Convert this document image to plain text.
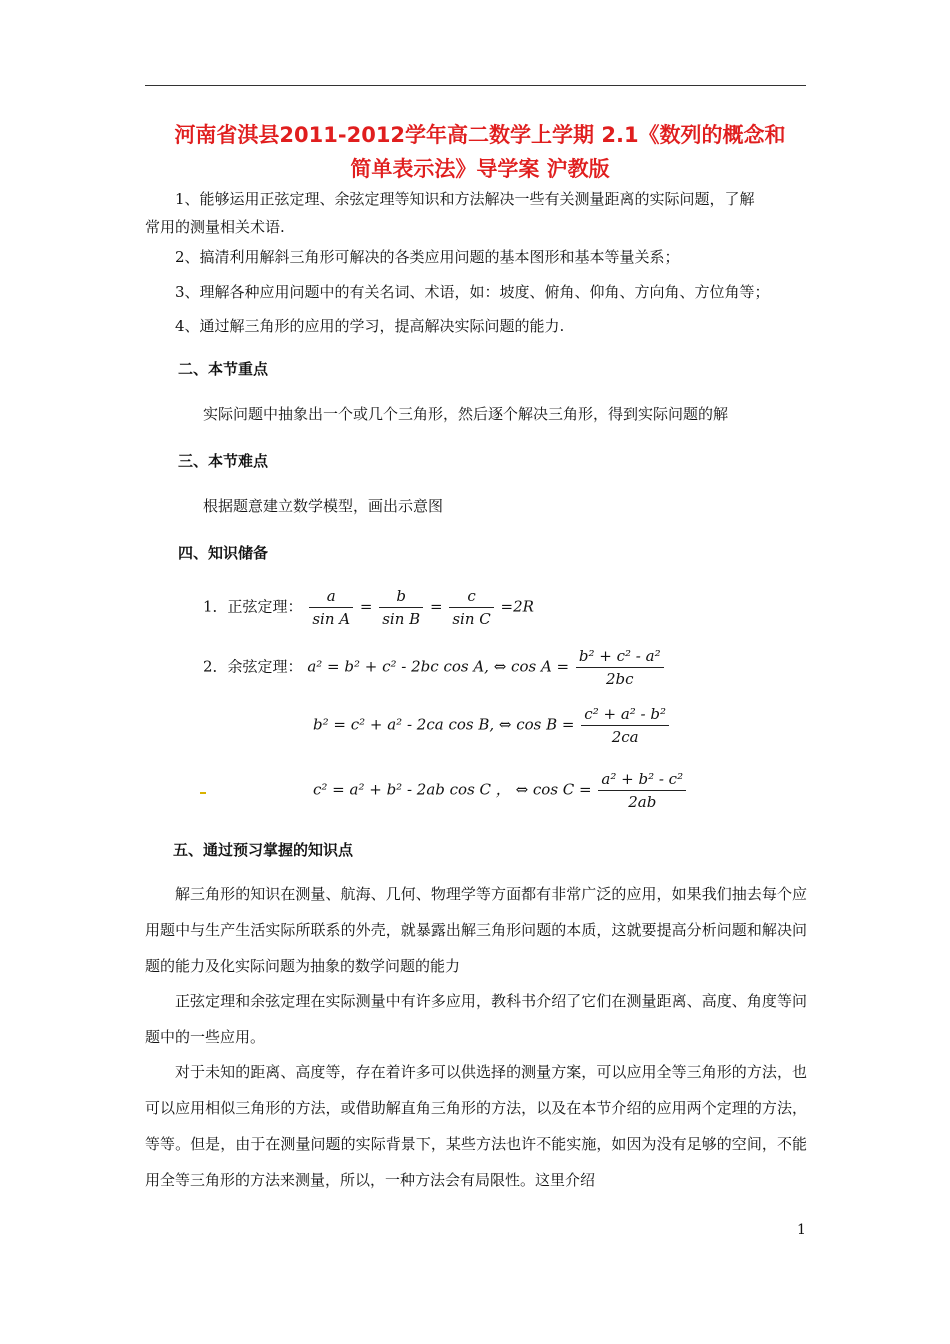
河南省淇县2011-2012学年高二数学上学期 2.1《数列的概念和
简单表示法》导学案 沪教版
1、能够运用正弦定理、余弦定理等知识和方法解决一些有关测量距离的实际问题，了解
常用的测量相关术语.
2、搞清利用解斜三角形可解决的各类应用问题的基本图形和基本等量关系；
3、理解各种应用问题中的有关名词、术语，如：坡度、俯角、仰角、方向角、方位角等；
4、通过解三角形的应用的学习，提高解决实际问题的能力.
二、本节重点
实际问题中抽象出一个或几个三角形，然后逐个解决三角形，得到实际问题的解
三、本节难点
根据题意建立数学模型，画出示意图
四、知识储备
1．正弦定理： $\frac{a}{\text{sin A}} = \frac{b}{\text{sin B}} = \frac{c}{\text{sin C}} =2R$
2．余弦定理： a² = b² + c² - 2bc cos A, ⇔ $\cos A = \frac{\text{b² + c² - a²}}{2bc}$
b² = c² + a² - 2ca cos B, ⇔ $\cos B = \frac{\text{c² + a² - b²}}{2ca}$
c² = a² + b² - 2ab cos C ， ⇔ $\cos C = \frac{\text{a² + b² - c²}}{2ab}$
五、通过预习掌握的知识点
解三角形的知识在测量、航海、几何、物理学等方面都有非常广泛的应用，如果我们抽去每个应用题中与生产生活实际所联系的外壳，就暴露出解三角形问题的本质，这就要提高分析问题和解决问题的能力及化实际问题为抽象的数学问题的能力
正弦定理和余弦定理在实际测量中有许多应用，教科书介绍了它们在测量距离、高度、角度等问题中的一些应用。
对于未知的距离、高度等，存在着许多可以供选择的测量方案，可以应用全等三角形的方法，也可以应用相似三角形的方法，或借助解直角三角形的方法，以及在本节介绍的应用两个定理的方法，等等。但是，由于在测量问题的实际背景下，某些方法也许不能实施，如因为没有足够的空间，不能用全等三角形的方法来测量，所以，一种方法会有局限性。这里介绍
1
